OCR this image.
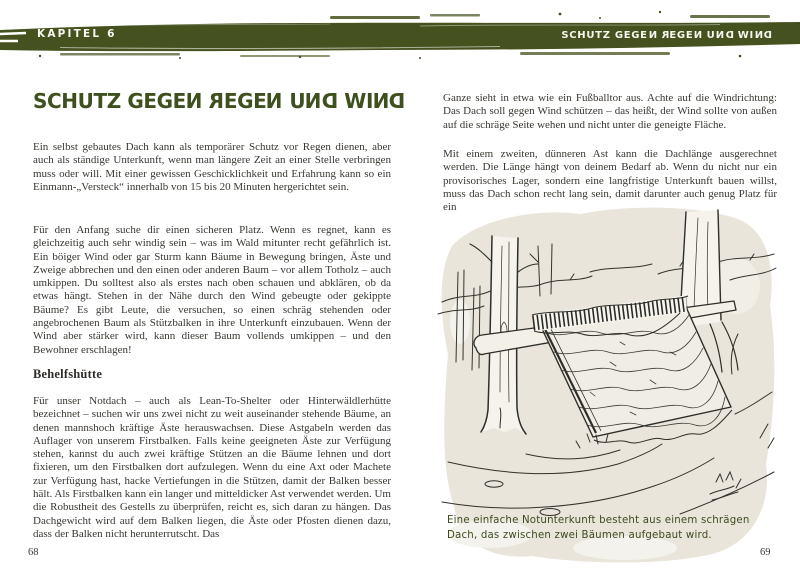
KAPITEL 6	SCHUTZ GEGEN REGEN UND WIND
SCHUTZ GEGEN REGEN UND WIND
Ein selbst gebautes Dach kann als temporärer Schutz vor Regen dienen, aber auch als ständige Unterkunft, wenn man längere Zeit an einer Stelle verbringen muss oder will. Mit einer gewissen Geschicklichkeit und Erfahrung kann so ein Einmann-„Versteck“ innerhalb von 15 bis 20 Minuten hergerichtet sein.
Für den Anfang suche dir einen sicheren Platz. Wenn es regnet, kann es gleichzeitig auch sehr windig sein – was im Wald mitunter recht gefährlich ist. Ein böiger Wind oder gar Sturm kann Bäume in Bewegung bringen, Äste und Zweige abbrechen und den einen oder anderen Baum – vor allem Totholz – auch umkippen. Du solltest also als erstes nach oben schauen und abklären, ob da etwas hängt. Stehen in der Nähe durch den Wind gebeugte oder gekippte Bäume? Es gibt Leute, die versuchen, so einen schräg stehenden oder angebrochenen Baum als Stützbalken in ihre Unterkunft einzubauen. Wenn der Wind aber stärker wird, kann dieser Baum vollends umkippen – und den Bewohner erschlagen!
Behelfshütte
Für unser Notdach – auch als Lean-To-Shelter oder Hinterwäldlerhütte bezeichnet – suchen wir uns zwei nicht zu weit auseinander stehende Bäume, an denen mannshoch kräftige Äste herauswachsen. Diese Astgabeln werden das Auflager von unserem Firstbalken. Falls keine geeigneten Äste zur Verfügung stehen, kannst du auch zwei kräftige Stützen an die Bäume lehnen und dort fixieren, um den Firstbalken dort aufzulegen. Wenn du eine Axt oder Machete zur Verfügung hast, hacke Vertiefungen in die Stützen, damit der Balken besser hält. Als Firstbalken kann ein langer und mitteldicker Ast verwendet werden. Um die Robustheit des Gestells zu überprüfen, reicht es, sich daran zu hängen. Das Dachgewicht wird auf dem Balken liegen, die Äste oder Pfosten dienen dazu, dass der Balken nicht herunterrutscht. Das
68
Ganze sieht in etwa wie ein Fußballtor aus. Achte auf die Windrichtung: Das Dach soll gegen Wind schützen – das heißt, der Wind sollte von außen auf die schräge Seite wehen und nicht unter die geneigte Fläche.
Mit einem zweiten, dünneren Ast kann die Dachlänge ausgerechnet werden. Die Länge hängt von deinem Bedarf ab. Wenn du nicht nur ein provisorisches Lager, sondern eine langfristige Unterkunft bauen willst, muss das Dach schon recht lang sein, damit darunter auch genug Platz für ein
Eine einfache Notunterkunft besteht aus einem schrägen Dach, das zwischen zwei Bäumen aufgebaut wird.
69
